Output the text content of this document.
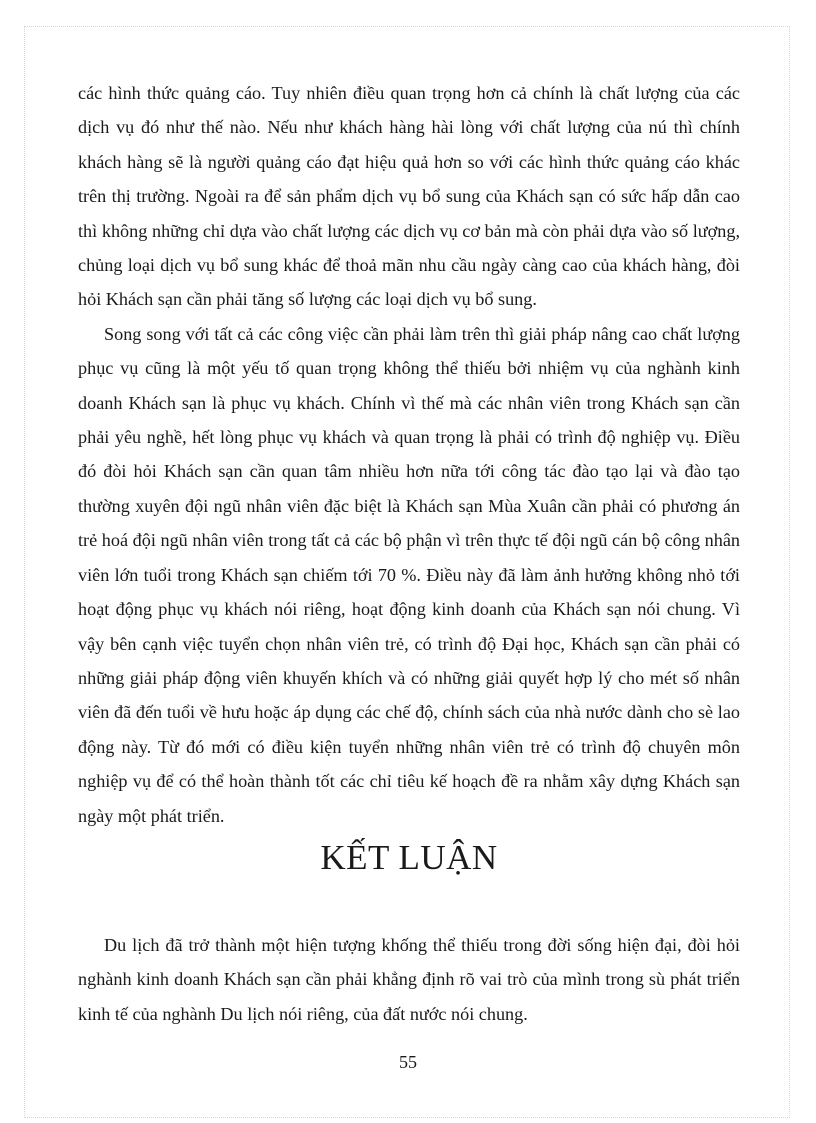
các hình thức quảng cáo. Tuy nhiên điều quan trọng hơn cả chính là chất lượng của các dịch vụ đó như thế nào. Nếu như khách hàng hài lòng với chất lượng của nú thì chính khách hàng sẽ là người quảng cáo đạt hiệu quả hơn so với các hình thức quảng cáo khác trên thị trường. Ngoài ra để sản phẩm dịch vụ bổ sung của Khách sạn có sức hấp dẫn cao thì không những chỉ dựa vào chất lượng các dịch vụ cơ bản mà còn phải dựa vào số lượng, chủng loại dịch vụ bổ sung khác để thoả mãn nhu cầu ngày càng cao của khách hàng, đòi hỏi Khách sạn cần phải tăng số lượng các loại dịch vụ bổ sung.

Song song với tất cả các công việc cần phải làm trên thì giải pháp nâng cao chất lượng phục vụ cũng là một yếu tố quan trọng không thể thiếu bởi nhiệm vụ của nghành kinh doanh Khách sạn là phục vụ khách. Chính vì thế mà các nhân viên trong Khách sạn cần phải yêu nghề, hết lòng phục vụ khách và quan trọng là phải có trình độ nghiệp vụ. Điều đó đòi hỏi Khách sạn cần quan tâm nhiều hơn nữa tới công tác đào tạo lại và đào tạo thường xuyên đội ngũ nhân viên đặc biệt là Khách sạn Mùa Xuân cần phải có phương án trẻ hoá đội ngũ nhân viên trong tất cả các bộ phận vì trên thực tế đội ngũ cán bộ công nhân viên lớn tuổi trong Khách sạn chiếm tới 70 %. Điều này đã làm ảnh hưởng không nhỏ tới hoạt động phục vụ khách nói riêng, hoạt động kinh doanh của Khách sạn nói chung. Vì vậy bên cạnh việc tuyển chọn nhân viên trẻ, có trình độ Đại học, Khách sạn cần phải có những giải pháp động viên khuyến khích và có những giải quyết hợp lý cho mét số nhân viên đã đến tuổi về hưu hoặc áp dụng các chế độ, chính sách của nhà nước dành cho sè lao động này. Từ đó mới có điều kiện tuyển những nhân viên trẻ có trình độ chuyên môn nghiệp vụ để có thể hoàn thành tốt các chỉ tiêu kế hoạch đề ra nhằm xây dựng Khách sạn ngày một phát triển.

KẾT LUẬN

Du lịch đã trở thành một hiện tượng khống thể thiếu trong đời sống hiện đại, đòi hỏi nghành kinh doanh Khách sạn cần phải khẳng định rõ vai trò của mình trong sù phát triển kinh tế của nghành Du lịch nói riêng, của đất nước nói chung.

55
